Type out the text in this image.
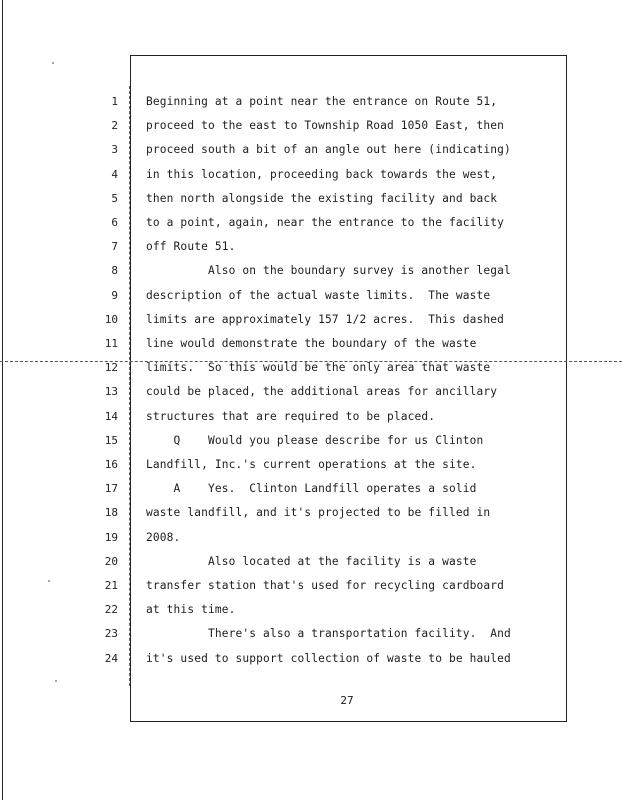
1	Beginning at a point near the entrance on Route 51,
2	proceed to the east to Township Road 1050 East, then
3	proceed south a bit of an angle out here (indicating)
4	in this location, proceeding back towards the west,
5	then north alongside the existing facility and back
6	to a point, again, near the entrance to the facility
7	off Route 51.
8	Also on the boundary survey is another legal
9	description of the actual waste limits.  The waste
10	limits are approximately 157 1/2 acres.  This dashed
11	line would demonstrate the boundary of the waste
12	limits.  So this would be the only area that waste
13	could be placed, the additional areas for ancillary
14	structures that are required to be placed.
15	Q    Would you please describe for us Clinton
16	Landfill, Inc.'s current operations at the site.
17	A    Yes.  Clinton Landfill operates a solid
18	waste landfill, and it's projected to be filled in
19	2008.
20	Also located at the facility is a waste
21	transfer station that's used for recycling cardboard
22	at this time.
23	There's also a transportation facility.  And
24	it's used to support collection of waste to be hauled
27
